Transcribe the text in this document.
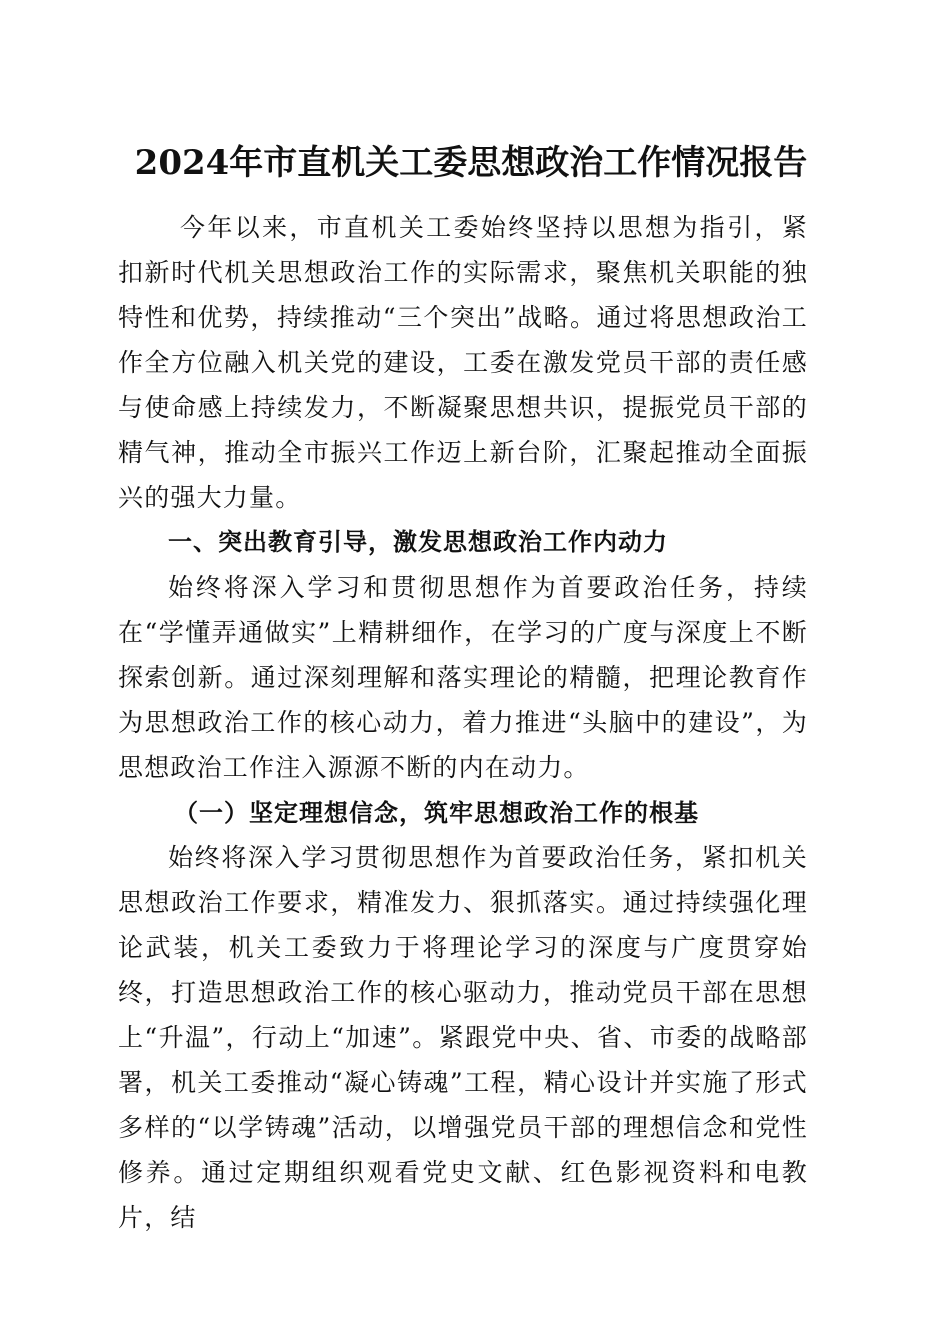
2024年市直机关工委思想政治工作情况报告

今年以来，市直机关工委始终坚持以思想为指引，紧扣新时代机关思想政治工作的实际需求，聚焦机关职能的独特性和优势，持续推动“三个突出”战略。通过将思想政治工作全方位融入机关党的建设，工委在激发党员干部的责任感与使命感上持续发力，不断凝聚思想共识，提振党员干部的精气神，推动全市振兴工作迈上新台阶，汇聚起推动全面振兴的强大力量。

一、突出教育引导，激发思想政治工作内动力

始终将深入学习和贯彻思想作为首要政治任务，持续在“学懂弄通做实”上精耕细作，在学习的广度与深度上不断探索创新。通过深刻理解和落实理论的精髓，把理论教育作为思想政治工作的核心动力，着力推进“头脑中的建设”，为思想政治工作注入源源不断的内在动力。

（一）坚定理想信念，筑牢思想政治工作的根基

始终将深入学习贯彻思想作为首要政治任务，紧扣机关思想政治工作要求，精准发力、狠抓落实。通过持续强化理论武装，机关工委致力于将理论学习的深度与广度贯穿始终，打造思想政治工作的核心驱动力，推动党员干部在思想上“升温”，行动上“加速”。紧跟党中央、省、市委的战略部署，机关工委推动“凝心铸魂”工程，精心设计并实施了形式多样的“以学铸魂”活动，以增强党员干部的理想信念和党性修养。通过定期组织观看党史文献、红色影视资料和电教片，结
